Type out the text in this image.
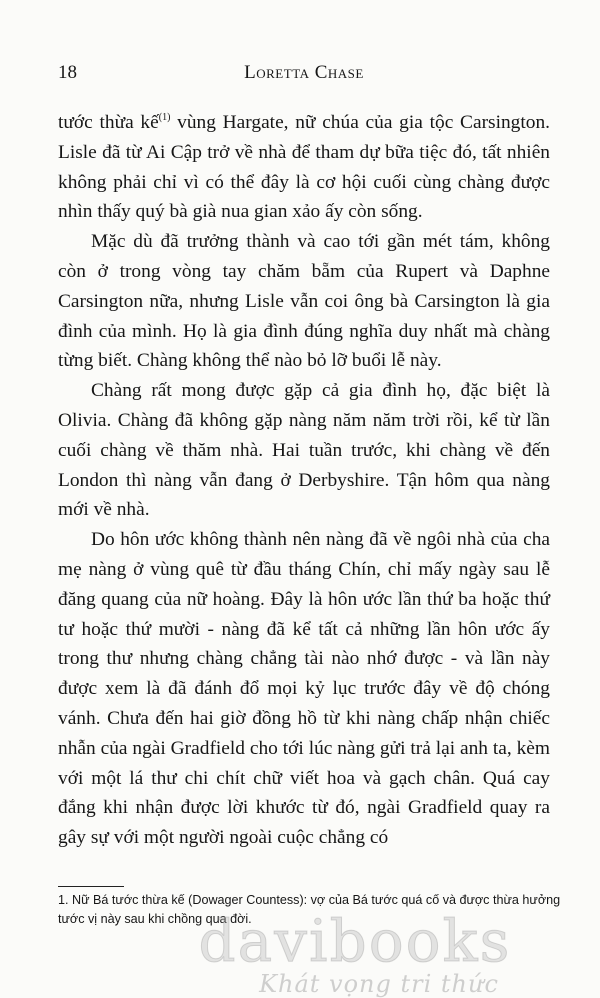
18	Loretta Chase

tước thừa kế$^{(1)}$ vùng Hargate, nữ chúa của gia tộc Carsington. Lisle đã từ Ai Cập trở về nhà để tham dự bữa tiệc đó, tất nhiên không phải chỉ vì có thể đây là cơ hội cuối cùng chàng được nhìn thấy quý bà già nua gian xảo ấy còn sống.

Mặc dù đã trưởng thành và cao tới gần mét tám, không còn ở trong vòng tay chăm bẵm của Rupert và Daphne Carsington nữa, nhưng Lisle vẫn coi ông bà Carsington là gia đình của mình. Họ là gia đình đúng nghĩa duy nhất mà chàng từng biết. Chàng không thể nào bỏ lỡ buổi lễ này.

Chàng rất mong được gặp cả gia đình họ, đặc biệt là Olivia. Chàng đã không gặp nàng năm năm trời rồi, kể từ lần cuối chàng về thăm nhà. Hai tuần trước, khi chàng về đến London thì nàng vẫn đang ở Derbyshire. Tận hôm qua nàng mới về nhà.

Do hôn ước không thành nên nàng đã về ngôi nhà của cha mẹ nàng ở vùng quê từ đầu tháng Chín, chỉ mấy ngày sau lễ đăng quang của nữ hoàng. Đây là hôn ước lần thứ ba hoặc thứ tư hoặc thứ mười - nàng đã kể tất cả những lần hôn ước ấy trong thư nhưng chàng chẳng tài nào nhớ được - và lần này được xem là đã đánh đổ mọi kỷ lục trước đây về độ chóng vánh. Chưa đến hai giờ đồng hồ từ khi nàng chấp nhận chiếc nhẫn của ngài Gradfield cho tới lúc nàng gửi trả lại anh ta, kèm với một lá thư chi chít chữ viết hoa và gạch chân. Quá cay đắng khi nhận được lời khước từ đó, ngài Gradfield quay ra gây sự với một người ngoài cuộc chẳng có

1. Nữ Bá tước thừa kế (Dowager Countess): vợ của Bá tước quá cố và được thừa hưởng
tước vị này sau khi chồng qua đời.
davibooks
Khát vọng tri thức
